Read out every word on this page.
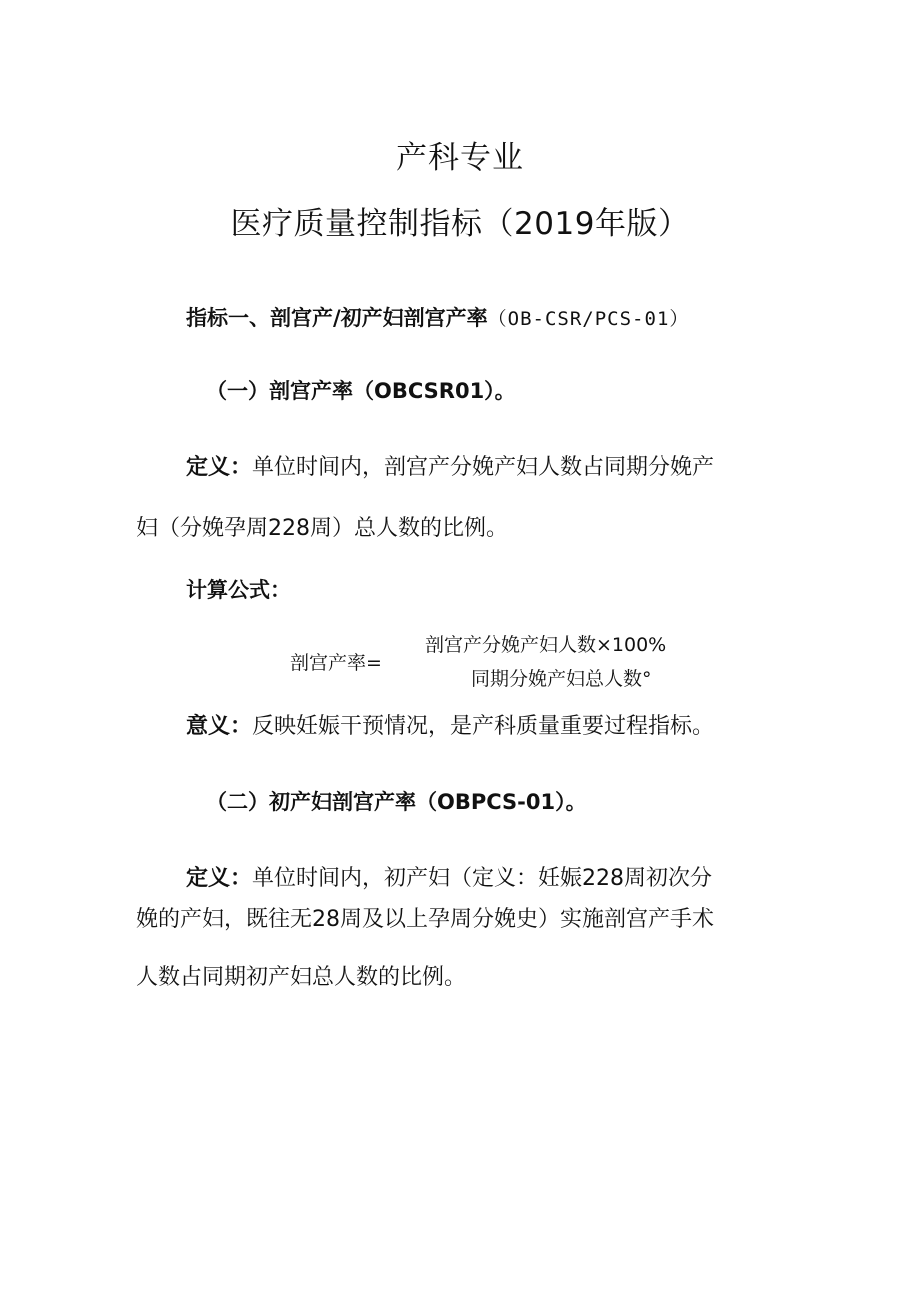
产科专业
医疗质量控制指标（2019年版）
指标一、剖宫产/初产妇剖宫产率（OB-CSR/PCS-01）
（一）剖宫产率（OBCSR01）。
定义：单位时间内，剖宫产分娩产妇人数占同期分娩产
妇（分娩孕周228周）总人数的比例。
计算公式：
剖宫产率=
剖宫产分娩产妇人数×100%
同期分娩产妇总人数°
意义：反映妊娠干预情况，是产科质量重要过程指标。
（二）初产妇剖宫产率（OBPCS-01）。
定义：单位时间内，初产妇（定义：妊娠228周初次分
娩的产妇，既往无28周及以上孕周分娩史）实施剖宫产手术
人数占同期初产妇总人数的比例。
